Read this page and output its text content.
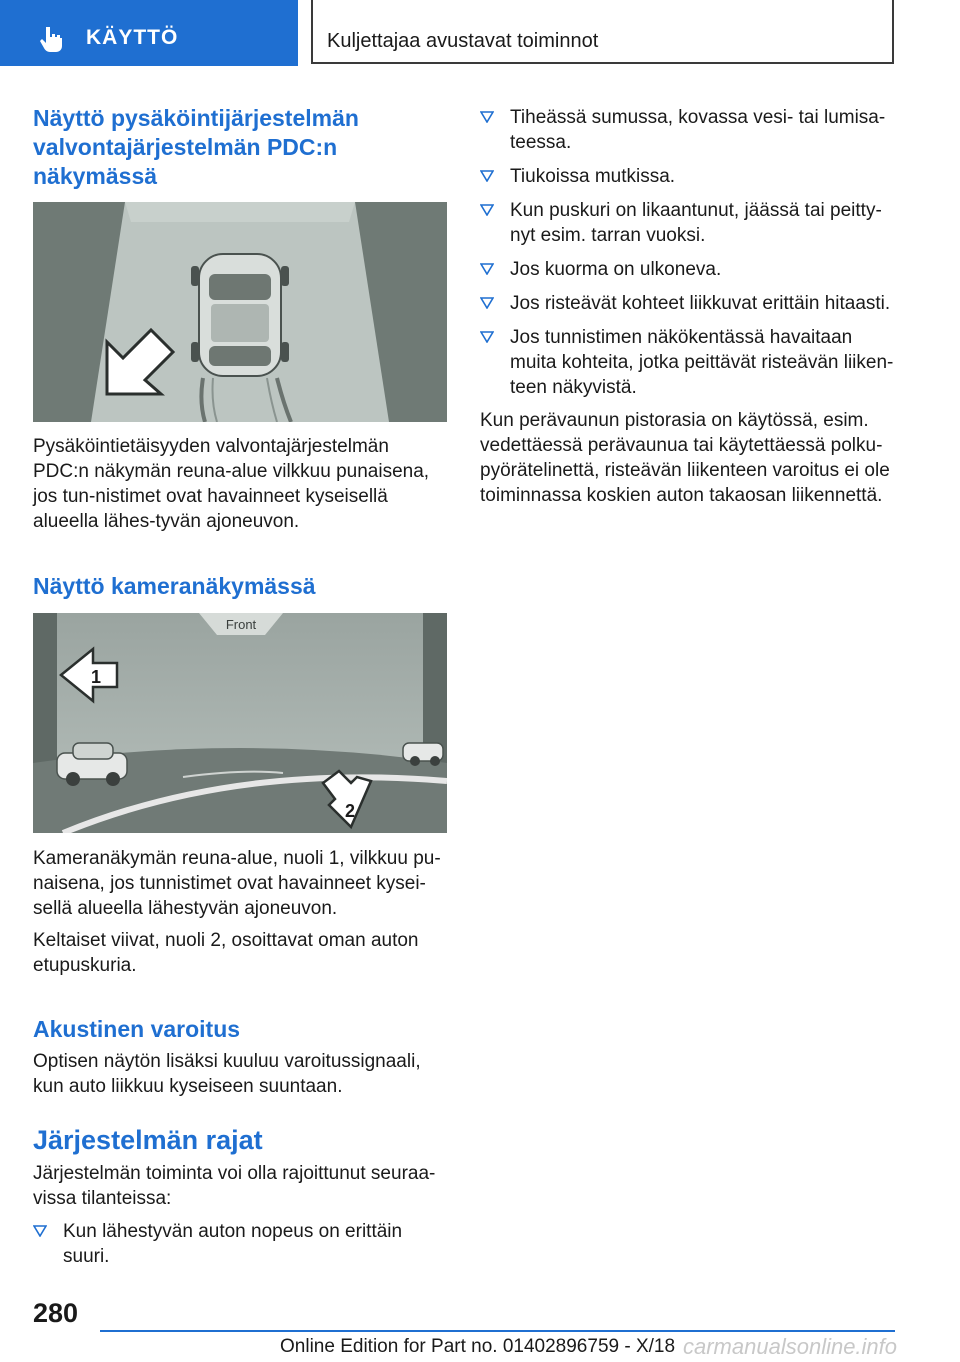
KÄYTTÖ	Kuljettajaa avustavat toiminnot
Näyttö pysäköintijärjestelmän valvontajärjestelmän PDC:n näkymässä

Pysäköintietäisyyden valvontajärjestelmän PDC:n näkymän reuna-alue vilkkuu punaisena, jos tun-nistimet ovat havainneet kyseisellä alueella lähes-tyvän ajoneuvon.

Näyttö kameranäkymässä
Front
1
2

Kameranäkymän reuna-alue, nuoli 1, vilkkuu pu-naisena, jos tunnistimet ovat havainneet kysei-sellä alueella lähestyvän ajoneuvon.

Keltaiset viivat, nuoli 2, osoittavat oman auton etupuskuria.

Akustinen varoitus

Optisen näytön lisäksi kuuluu varoitussignaali, kun auto liikkuu kyseiseen suuntaan.

Järjestelmän rajat

Järjestelmän toiminta voi olla rajoittunut seuraa-vissa tilanteissa:

Kun lähestyvän auton nopeus on erittäin suuri.
Tiheässä sumussa, kovassa vesi- tai lumisa-teessa.
Tiukoissa mutkissa.
Kun puskuri on likaantunut, jäässä tai peitty-nyt esim. tarran vuoksi.
Jos kuorma on ulkoneva.
Jos risteävät kohteet liikkuvat erittäin hitaasti.
Jos tunnistimen näkökentässä havaitaan muita kohteita, jotka peittävät risteävän liiken-teen näkyvistä.

Kun perävaunun pistorasia on käytössä, esim. vedettäessä perävaunua tai käytettäessä polku-pyörätelinettä, risteävän liikenteen varoitus ei ole toiminnassa koskien auton takaosan liikennettä.

280
Online Edition for Part no. 01402896759 - X/18 carmanualsonline.info
